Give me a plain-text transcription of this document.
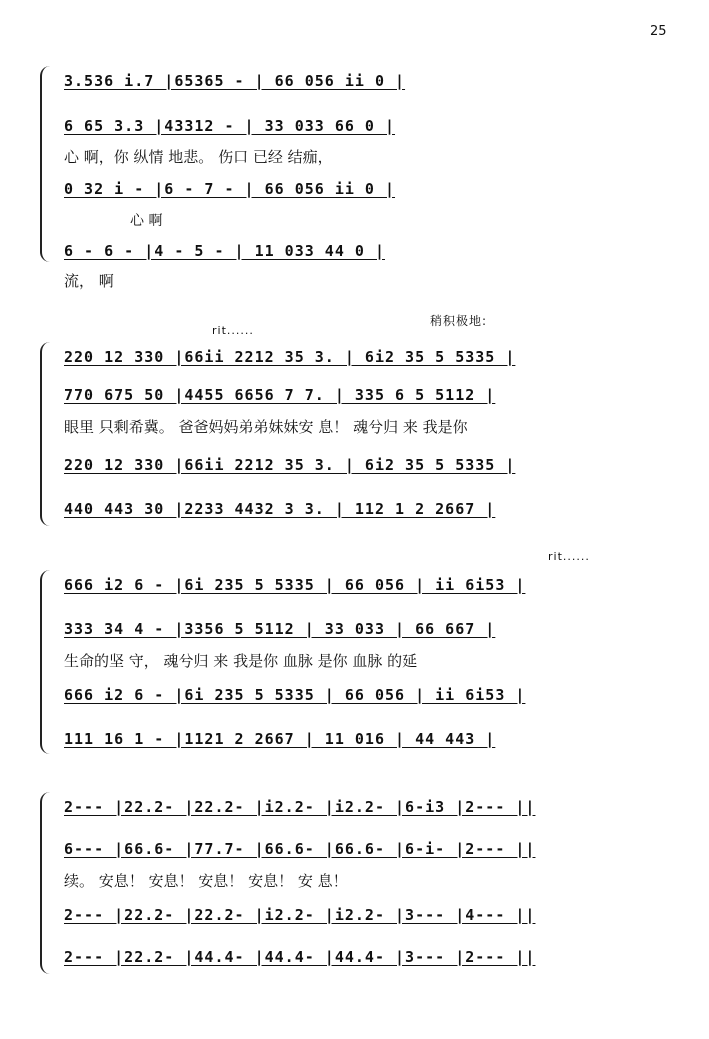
25
3.536 i.7 |65365 - | 66 056 ii 0 |
6 65 3.3 |43312 - | 33 033 66 0 |
心 啊，你 纵情 地悲。 伤口 已经 结痂，
0 32 i - |6 - 7 - | 66 056 ii 0 |
心 啊
6 - 6 - |4 - 5 - | 11 033 44 0 |
流， 啊
rit......
稍积极地:
220 12 330 |66ii 2212 35 3. | 6i2 35 5 5335 |
770 675 50 |4455 6656 7 7. | 335 6 5 5112 |
眼里 只剩希冀。 爸爸妈妈弟弟妹妹安 息！ 魂兮归 来 我是你
220 12 330 |66ii 2212 35 3. | 6i2 35 5 5335 |
440 443 30 |2233 4432 3 3. | 112 1 2 2667 |
rit......
666 i2 6 - |6i 235 5 5335 | 66 056 | ii 6i53 |
333 34 4 - |3356 5 5112 | 33 033 | 66 667 |
生命的坚 守， 魂兮归 来 我是你 血脉 是你 血脉 的延
666 i2 6 - |6i 235 5 5335 | 66 056 | ii 6i53 |
111 16 1 - |1121 2 2667 | 11 016 | 44 443 |
2--- |22.2- |22.2- |i2.2- |i2.2- |6-i3 |2--- ||
6--- |66.6- |77.7- |66.6- |66.6- |6-i- |2--- ||
续。 安息！ 安息！ 安息！ 安息！ 安 息！
2--- |22.2- |22.2- |i2.2- |i2.2- |3--- |4--- ||
2--- |22.2- |44.4- |44.4- |44.4- |3--- |2--- ||
